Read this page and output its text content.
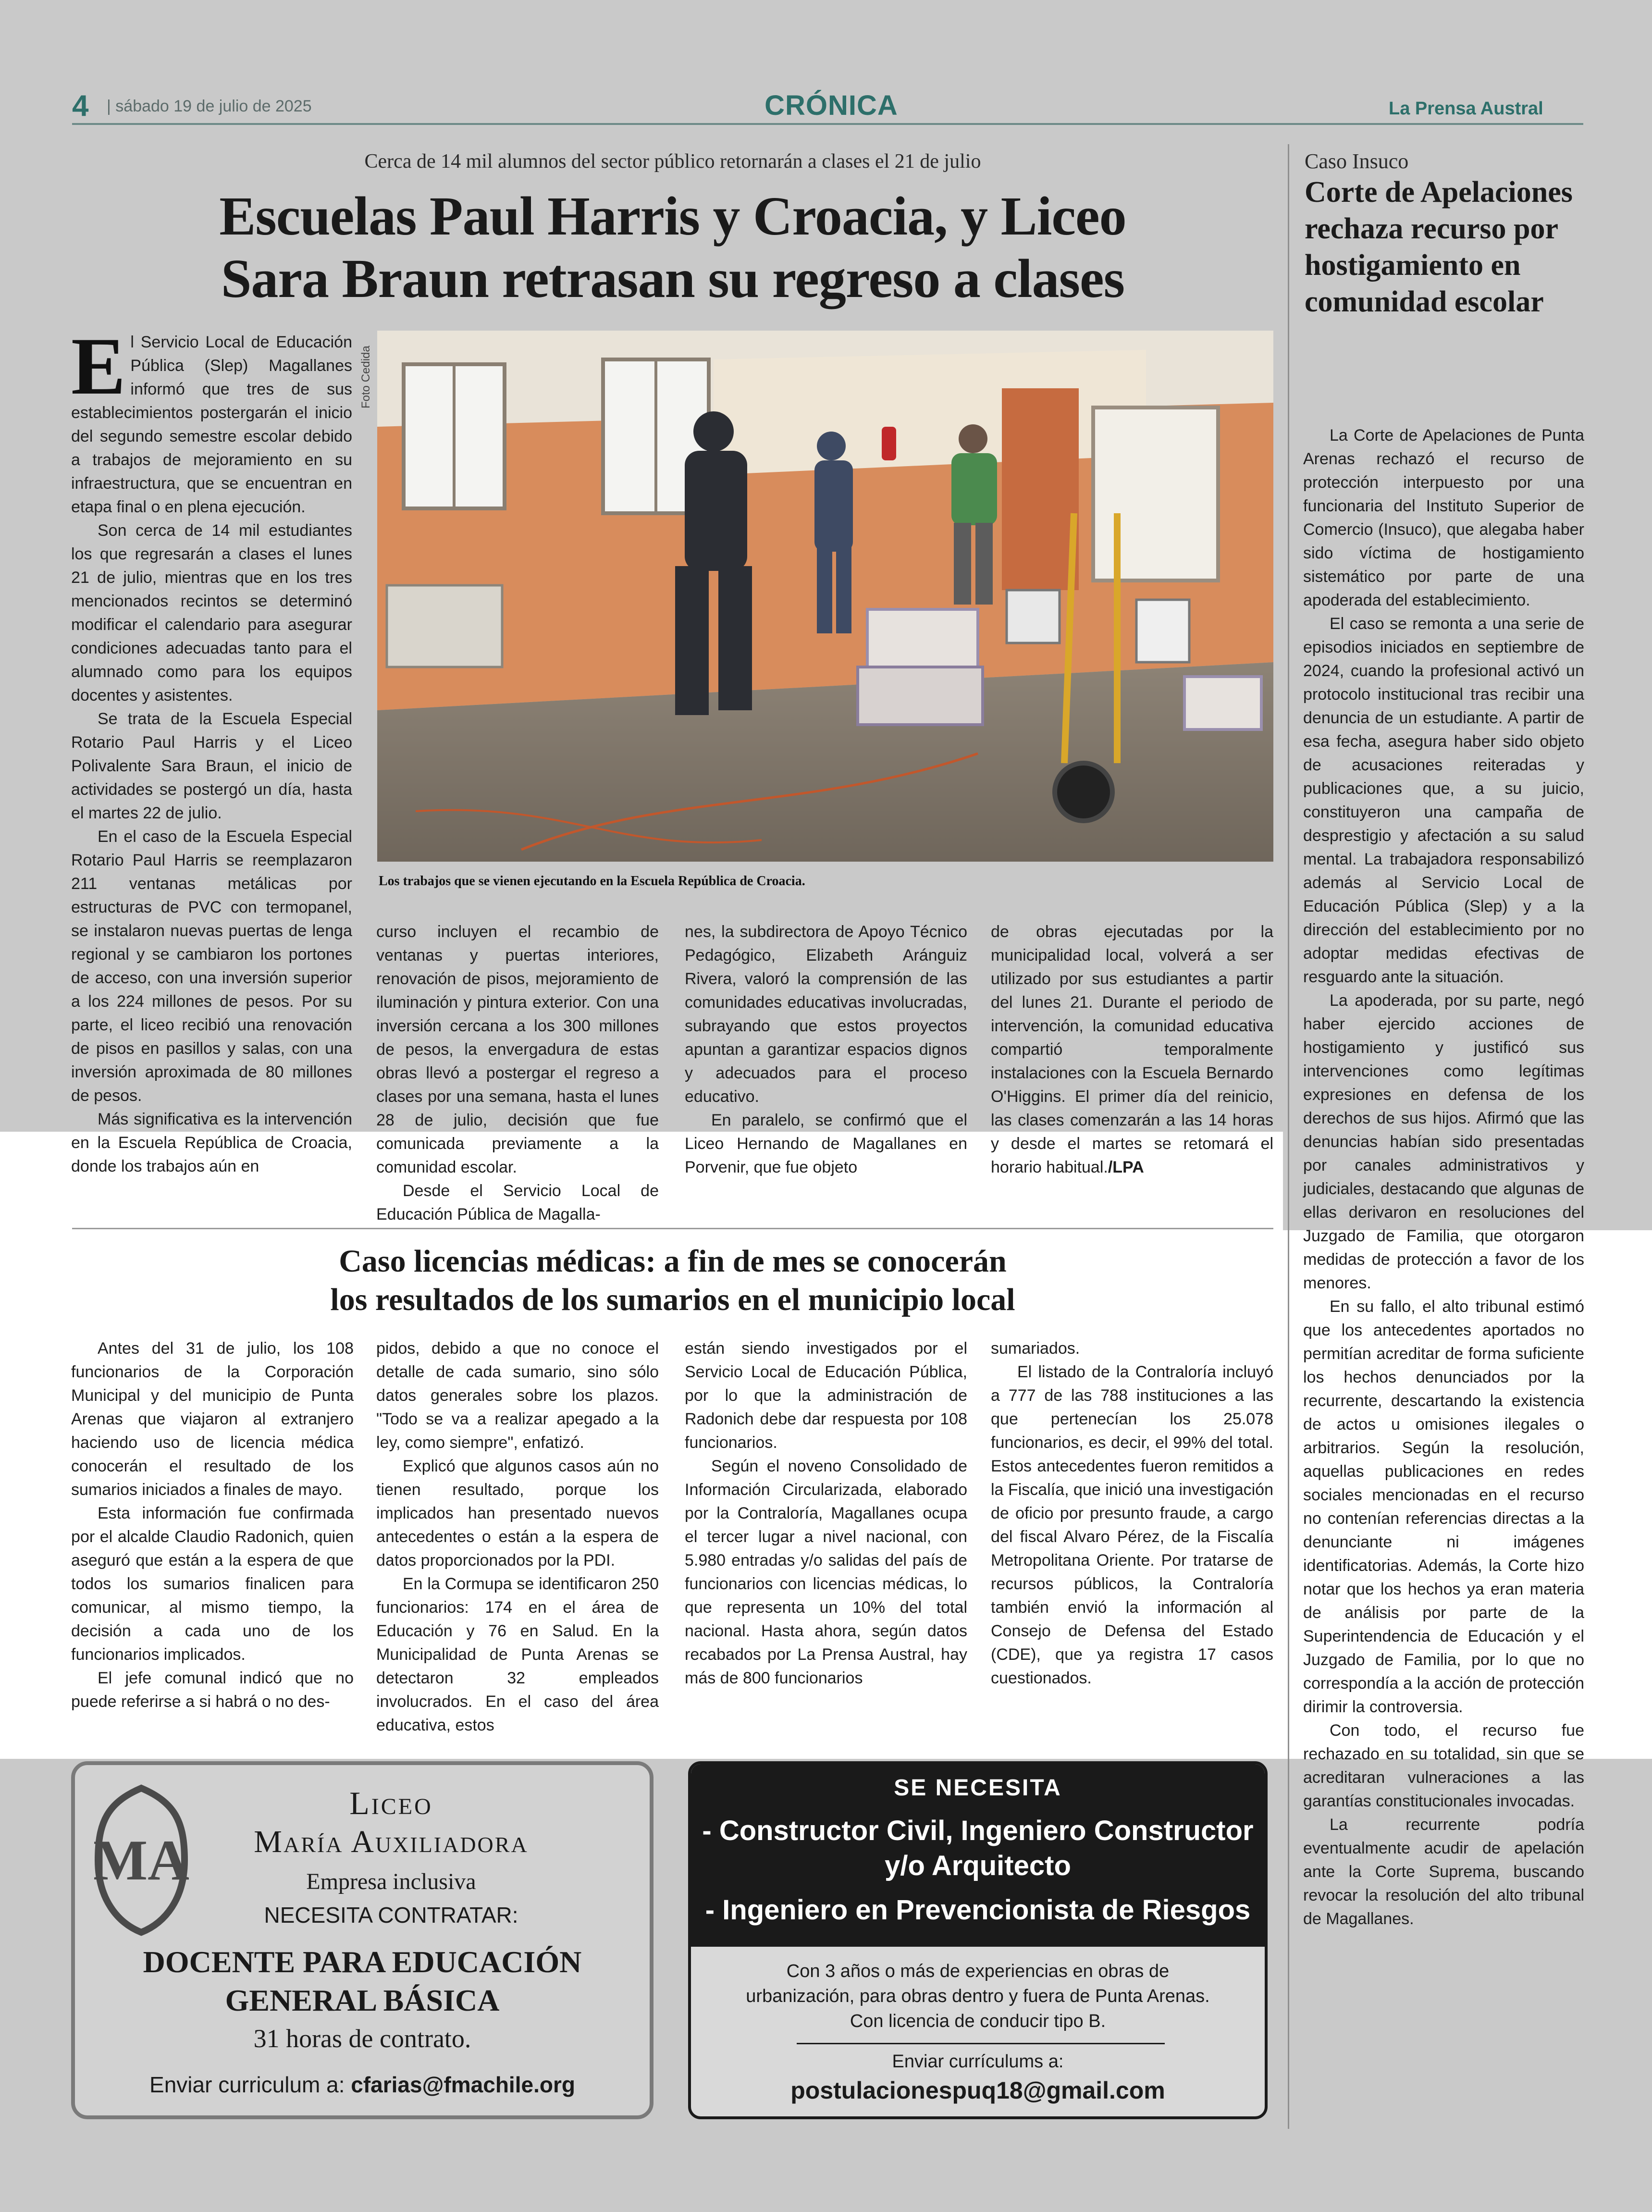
4 | sábado 19 de julio de 2025	CRÓNICA	La Prensa Austral
Cerca de 14 mil alumnos del sector público retornarán a clases el 21 de julio
Escuelas Paul Harris y Croacia, y Liceo
Sara Braun retrasan su regreso a clases

El Servicio Local de Educación Pública (Slep) Magallanes informó que tres de sus establecimientos postergarán el inicio del segundo semestre escolar debido a trabajos de mejoramiento en su infraestructura, que se encuentran en etapa final o en plena ejecución.

Son cerca de 14 mil estudiantes los que regresarán a clases el lunes 21 de julio, mientras que en los tres mencionados recintos se determinó modificar el calendario para asegurar condiciones adecuadas tanto para el alumnado como para los equipos docentes y asistentes.

Se trata de la Escuela Especial Rotario Paul Harris y el Liceo Polivalente Sara Braun, el inicio de actividades se postergó un día, hasta el martes 22 de julio.

En el caso de la Escuela Especial Rotario Paul Harris se reemplazaron 211 ventanas metálicas por estructuras de PVC con termopanel, se instalaron nuevas puertas de lenga regional y se cambiaron los portones de acceso, con una inversión superior a los 224 millones de pesos. Por su parte, el liceo recibió una renovación de pisos en pasillos y salas, con una inversión aproximada de 80 millones de pesos.

Más significativa es la intervención en la Escuela República de Croacia, donde los trabajos aún en

Foto Cedida
Los trabajos que se vienen ejecutando en la Escuela República de Croacia.

curso incluyen el recambio de ventanas y puertas interiores, renovación de pisos, mejoramiento de iluminación y pintura exterior. Con una inversión cercana a los 300 millones de pesos, la envergadura de estas obras llevó a postergar el regreso a clases por una semana, hasta el lunes 28 de julio, decisión que fue comunicada previamente a la comunidad escolar.

Desde el Servicio Local de Educación Pública de Magalla-

nes, la subdirectora de Apoyo Técnico Pedagógico, Elizabeth Aránguiz Rivera, valoró la comprensión de las comunidades educativas involucradas, subrayando que estos proyectos apuntan a garantizar espacios dignos y adecuados para el proceso educativo.

En paralelo, se confirmó que el Liceo Hernando de Magallanes en Porvenir, que fue objeto

de obras ejecutadas por la municipalidad local, volverá a ser utilizado por sus estudiantes a partir del lunes 21. Durante el periodo de intervención, la comunidad educativa compartió temporalmente instalaciones con la Escuela Bernardo O'Higgins. El primer día del reinicio, las clases comenzarán a las 14 horas y desde el martes se retomará el horario habitual./LPA

Caso licencias médicas: a fin de mes se conocerán
los resultados de los sumarios en el municipio local

Antes del 31 de julio, los 108 funcionarios de la Corporación Municipal y del municipio de Punta Arenas que viajaron al extranjero haciendo uso de licencia médica conocerán el resultado de los sumarios iniciados a finales de mayo.

Esta información fue confirmada por el alcalde Claudio Radonich, quien aseguró que están a la espera de que todos los sumarios finalicen para comunicar, al mismo tiempo, la decisión a cada uno de los funcionarios implicados.

El jefe comunal indicó que no puede referirse a si habrá o no des-

pidos, debido a que no conoce el detalle de cada sumario, sino sólo datos generales sobre los plazos. "Todo se va a realizar apegado a la ley, como siempre", enfatizó.

Explicó que algunos casos aún no tienen resultado, porque los implicados han presentado nuevos antecedentes o están a la espera de datos proporcionados por la PDI.

En la Cormupa se identificaron 250 funcionarios: 174 en el área de Educación y 76 en Salud. En la Municipalidad de Punta Arenas se detectaron 32 empleados involucrados. En el caso del área educativa, estos

están siendo investigados por el Servicio Local de Educación Pública, por lo que la administración de Radonich debe dar respuesta por 108 funcionarios.

Según el noveno Consolidado de Información Circularizada, elaborado por la Contraloría, Magallanes ocupa el tercer lugar a nivel nacional, con 5.980 entradas y/o salidas del país de funcionarios con licencias médicas, lo que representa un 10% del total nacional. Hasta ahora, según datos recabados por La Prensa Austral, hay más de 800 funcionarios

sumariados.

El listado de la Contraloría incluyó a 777 de las 788 instituciones a las que pertenecían los 25.078 funcionarios, es decir, el 99% del total. Estos antecedentes fueron remitidos a la Fiscalía, que inició una investigación de oficio por presunto fraude, a cargo del fiscal Alvaro Pérez, de la Fiscalía Metropolitana Oriente. Por tratarse de recursos públicos, la Contraloría también envió la información al Consejo de Defensa del Estado (CDE), que ya registra 17 casos cuestionados.

Caso Insuco
Corte de Apelaciones rechaza recurso por hostigamiento en comunidad escolar

La Corte de Apelaciones de Punta Arenas rechazó el recurso de protección interpuesto por una funcionaria del Instituto Superior de Comercio (Insuco), que alegaba haber sido víctima de hostigamiento sistemático por parte de una apoderada del establecimiento.

El caso se remonta a una serie de episodios iniciados en septiembre de 2024, cuando la profesional activó un protocolo institucional tras recibir una denuncia de un estudiante. A partir de esa fecha, asegura haber sido objeto de acusaciones reiteradas y publicaciones que, a su juicio, constituyeron una campaña de desprestigio y afectación a su salud mental. La trabajadora responsabilizó además al Servicio Local de Educación Pública (Slep) y a la dirección del establecimiento por no adoptar medidas efectivas de resguardo ante la situación.

La apoderada, por su parte, negó haber ejercido acciones de hostigamiento y justificó sus intervenciones como legítimas expresiones en defensa de los derechos de sus hijos. Afirmó que las denuncias habían sido presentadas por canales administrativos y judiciales, destacando que algunas de ellas derivaron en resoluciones del Juzgado de Familia, que otorgaron medidas de protección a favor de los menores.

En su fallo, el alto tribunal estimó que los antecedentes aportados no permitían acreditar de forma suficiente los hechos denunciados por la recurrente, descartando la existencia de actos u omisiones ilegales o arbitrarios. Según la resolución, aquellas publicaciones en redes sociales mencionadas en el recurso no contenían referencias directas a la denunciante ni imágenes identificatorias. Además, la Corte hizo notar que los hechos ya eran materia de análisis por parte de la Superintendencia de Educación y el Juzgado de Familia, por lo que no correspondía a la acción de protección dirimir la controversia.

Con todo, el recurso fue rechazado en su totalidad, sin que se acreditaran vulneraciones a las garantías constitucionales invocadas.

La recurrente podría eventualmente acudir de apelación ante la Corte Suprema, buscando revocar la resolución del alto tribunal de Magallanes.

MA
Liceo
María Auxiliadora
Empresa inclusiva
NECESITA CONTRATAR:
DOCENTE PARA EDUCACIÓN
GENERAL BÁSICA
31 horas de contrato.
Enviar curriculum a: cfarias@fmachile.org
SE NECESITA
- Constructor Civil, Ingeniero Constructor
y/o Arquitecto
- Ingeniero en Prevencionista de Riesgos
Con 3 años o más de experiencias en obras de
urbanización, para obras dentro y fuera de Punta Arenas.
Con licencia de conducir tipo B.
Enviar currículums a:
postulacionespuq18@gmail.com
